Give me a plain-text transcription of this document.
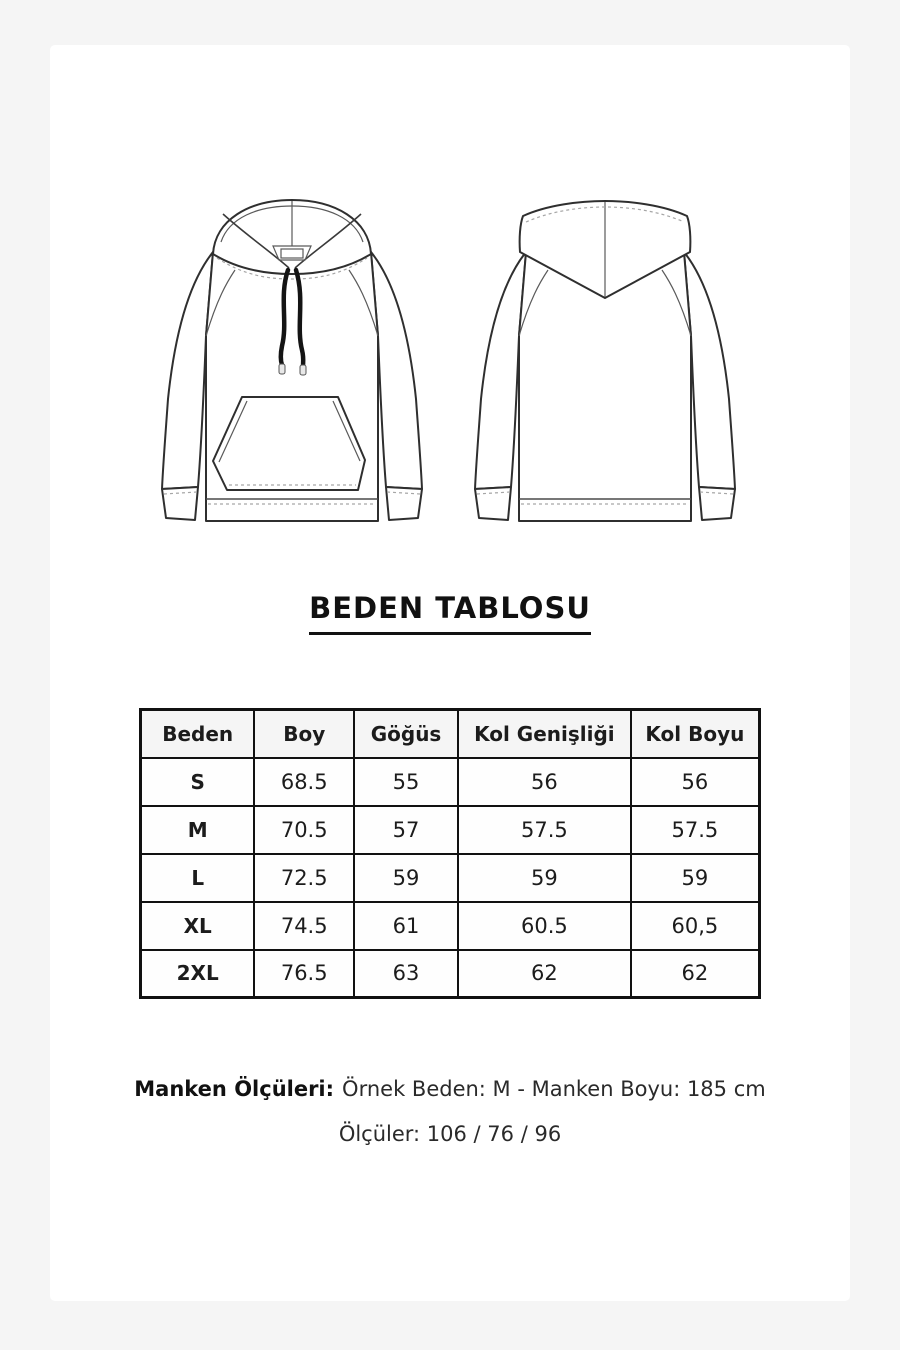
BEDEN TABLOSU
Beden	Boy	Göğüs	Kol Genişliği	Kol Boyu
S	68.5	55	56	56
M	70.5	57	57.5	57.5
L	72.5	59	59	59
XL	74.5	61	60.5	60,5
2XL	76.5	63	62	62
Manken Ölçüleri: Örnek Beden: M - Manken Boyu: 185 cm
Ölçüler: 106 / 76 / 96
